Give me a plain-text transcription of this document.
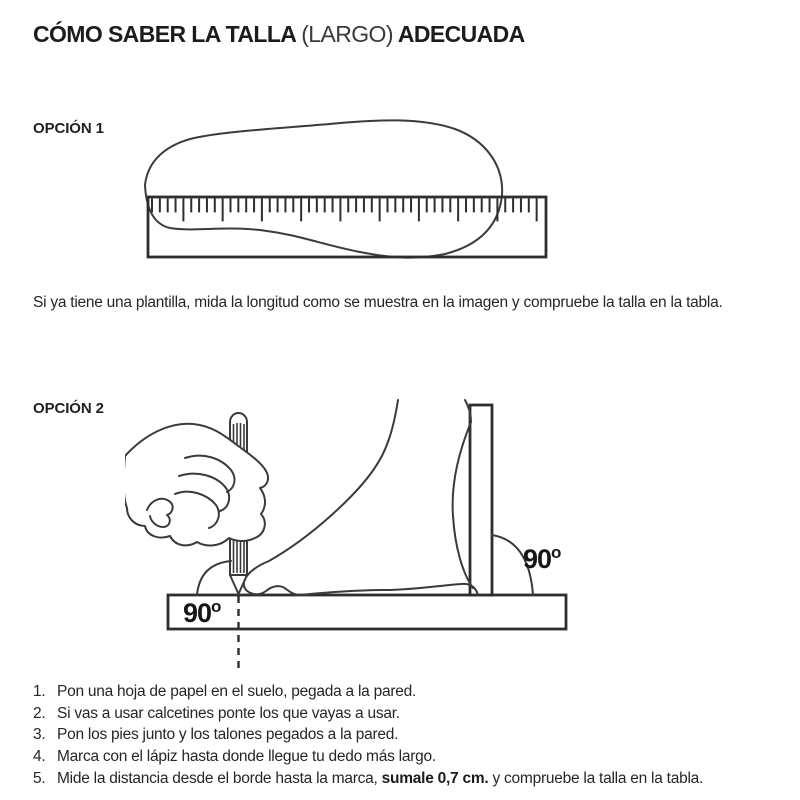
CÓMO SABER LA TALLA (LARGO) ADECUADA
OPCIÓN 1

Si ya tiene una plantilla, mida la longitud como se muestra en la imagen y compruebe la talla en la tabla.

OPCIÓN 2
90$^o$
90$^o$
1. Pon una hoja de papel en el suelo, pegada a la pared.
2. Si vas a usar calcetines ponte los que vayas a usar.
3. Pon los pies junto y los talones pegados a la pared.
4. Marca con el lápiz hasta donde llegue tu dedo más largo.
5. Mide la distancia desde el borde hasta la marca, sumale 0,7 cm. y compruebe la talla en la tabla.
